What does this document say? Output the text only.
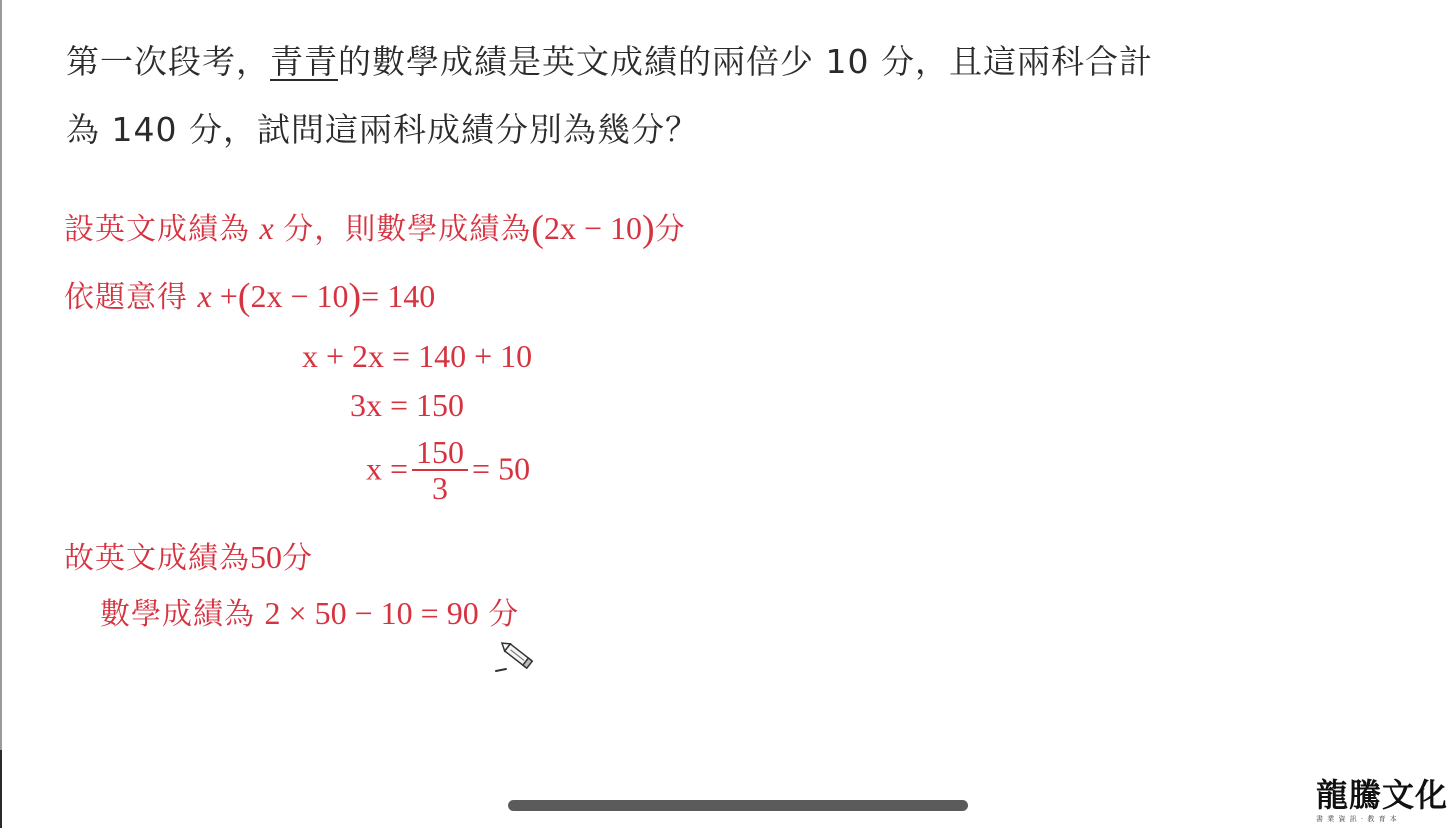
第一次段考，青青的數學成績是英文成績的兩倍少 10 分，且這兩科合計
為 140 分，試問這兩科成績分別為幾分？
設英文成績為 x 分，則數學成績為(2x − 10)分
依題意得 x +(2x − 10)= 140
x + 2x = 140 + 10
3x = 150
$x = \frac{150}{3} = 50$
故英文成績為50分
數學成績為 2 × 50 − 10 = 90 分
龍騰文化
書 業 資 訊 ‧ 教 育 本
